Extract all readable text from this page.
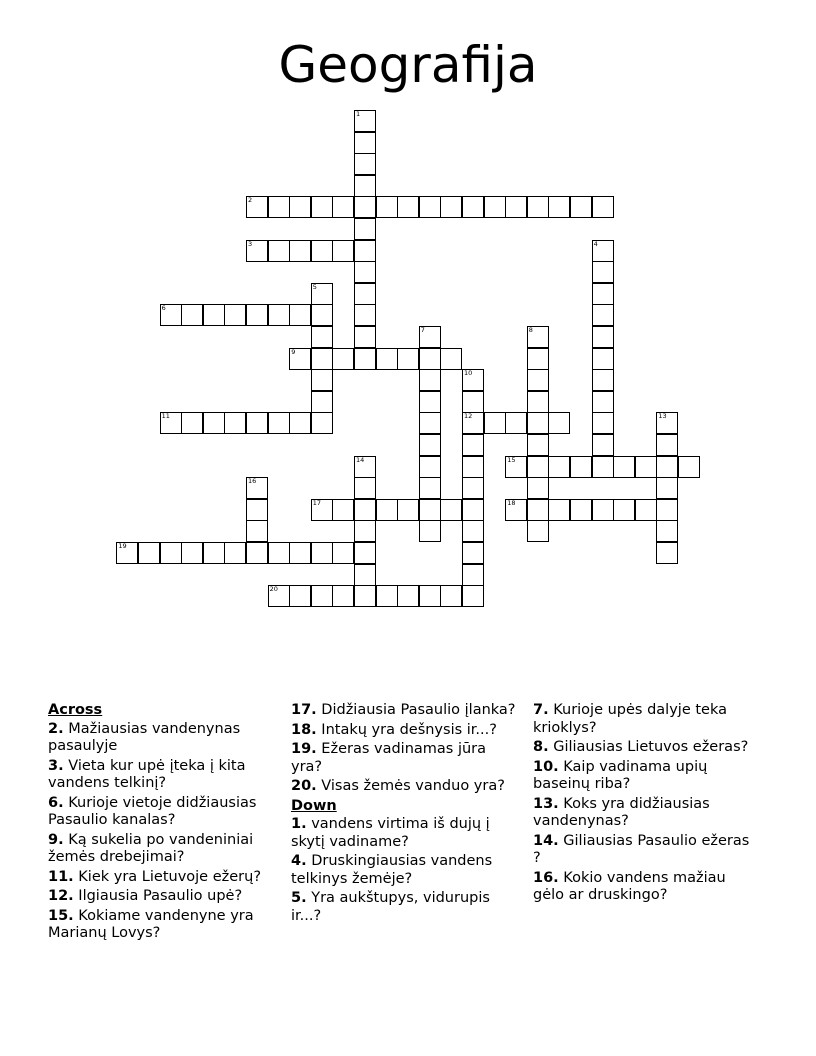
Geografija
1
2
3	4
5
6
7	8
9
10
12
11	13
14	15
16
17	18
19
20
Across
2. Mažiausias vandenynas pasaulyje
3. Vieta kur upė įteka į kita vandens telkinį?
6. Kurioje vietoje didžiausias Pasaulio kanalas?
9. Ką sukelia po vandeniniai žemės drebejimai?
11. Kiek yra Lietuvoje ežerų?
12. Ilgiausia Pasaulio upė?
15. Kokiame vandenyne yra Marianų Lovys?
17. Didžiausia Pasaulio įlanka?
18. Intakų yra dešnysis ir...?
19. Ežeras vadinamas jūra yra?
20. Visas žemės vanduo yra?
Down
1. vandens virtima iš dujų į skytį vadiname?
4. Druskingiausias vandens telkinys žemėje?
5. Yra aukštupys, vidurupis ir...?
7. Kurioje upės dalyje teka krioklys?
8. Giliausias Lietuvos ežeras?
10. Kaip vadinama upių baseinų riba?
13. Koks yra didžiausias vandenynas?
14. Giliausias Pasaulio ežeras ?
16. Kokio vandens mažiau gėlo ar druskingo?
